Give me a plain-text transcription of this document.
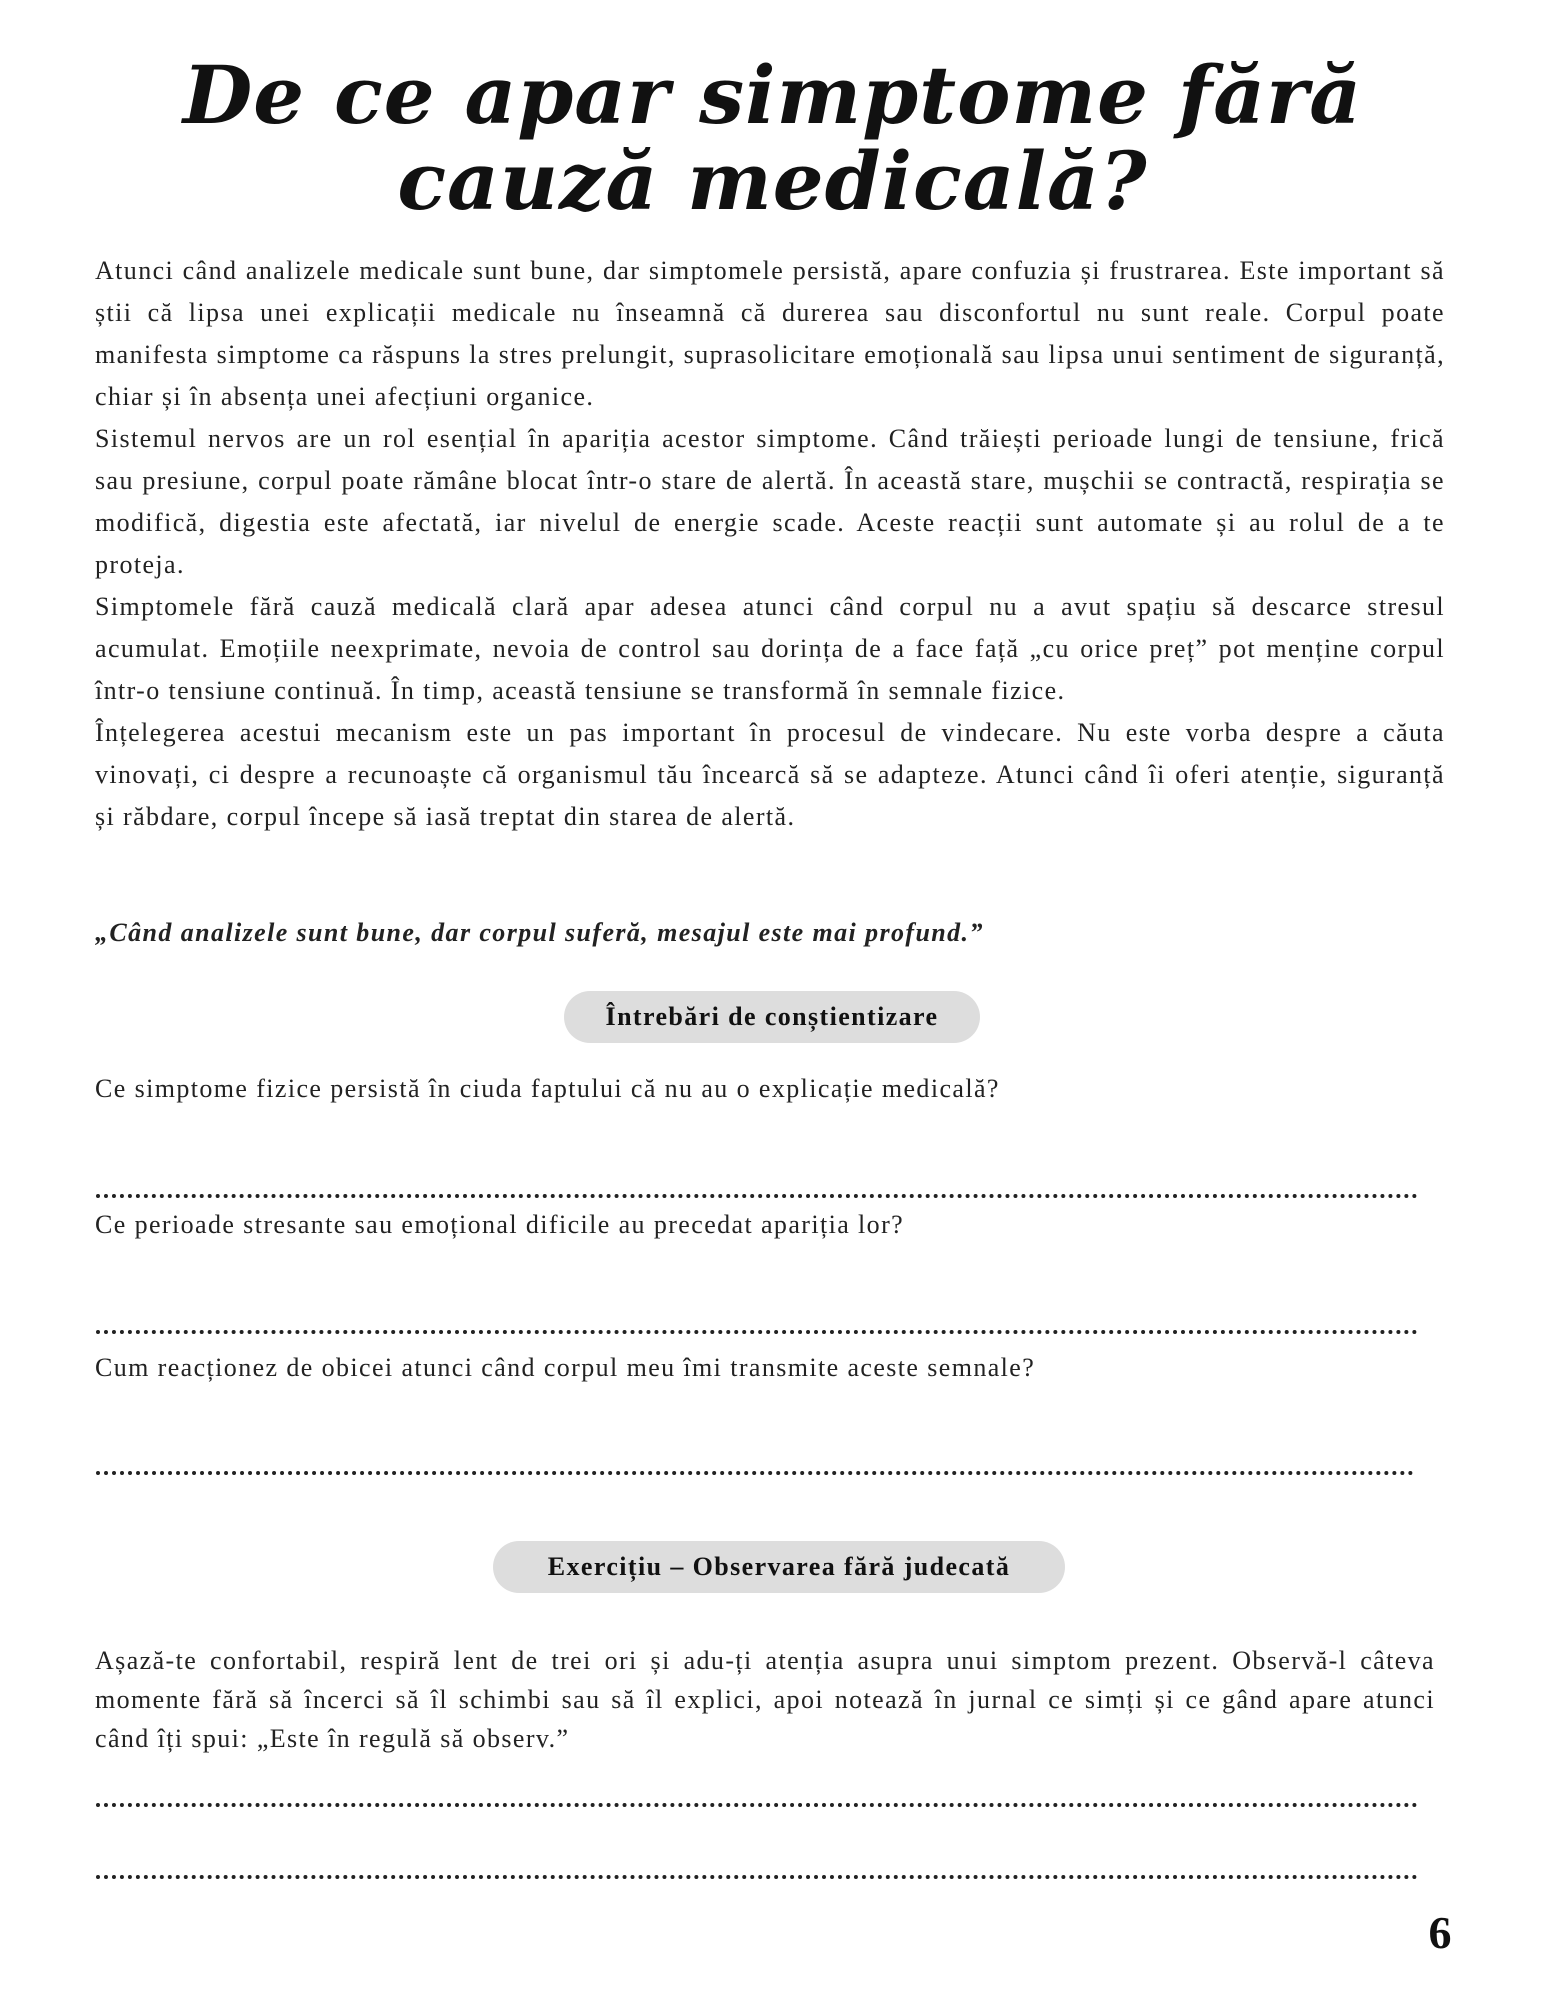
De ce apar simptome fără cauză medicală?

Atunci când analizele medicale sunt bune, dar simptomele persistă, apare confuzia și frustrarea. Este important să știi că lipsa unei explicații medicale nu înseamnă că durerea sau disconfortul nu sunt reale. Corpul poate manifesta simptome ca răspuns la stres prelungit, suprasolicitare emoțională sau lipsa unui sentiment de siguranță, chiar și în absența unei afecțiuni organice.

Sistemul nervos are un rol esențial în apariția acestor simptome. Când trăiești perioade lungi de tensiune, frică sau presiune, corpul poate rămâne blocat într-o stare de alertă. În această stare, mușchii se contractă, respirația se modifică, digestia este afectată, iar nivelul de energie scade. Aceste reacții sunt automate și au rolul de a te proteja.

Simptomele fără cauză medicală clară apar adesea atunci când corpul nu a avut spațiu să descarce stresul acumulat. Emoțiile neexprimate, nevoia de control sau dorința de a face față „cu orice preț” pot menține corpul într-o tensiune continuă. În timp, această tensiune se transformă în semnale fizice.

Înțelegerea acestui mecanism este un pas important în procesul de vindecare. Nu este vorba despre a căuta vinovați, ci despre a recunoaște că organismul tău încearcă să se adapteze. Atunci când îi oferi atenție, siguranță și răbdare, corpul începe să iasă treptat din starea de alertă.

„Când analizele sunt bune, dar corpul suferă, mesajul este mai profund.”

Întrebări de conștientizare

Ce simptome fizice persistă în ciuda faptului că nu au o explicație medicală?

Ce perioade stresante sau emoțional dificile au precedat apariția lor?

Cum reacționez de obicei atunci când corpul meu îmi transmite aceste semnale?

Exercițiu – Observarea fără judecată

Așază-te confortabil, respiră lent de trei ori și adu-ți atenția asupra unui simptom prezent. Observă-l câteva momente fără să încerci să îl schimbi sau să îl explici, apoi notează în jurnal ce simți și ce gând apare atunci când îți spui: „Este în regulă să observ.”

6
